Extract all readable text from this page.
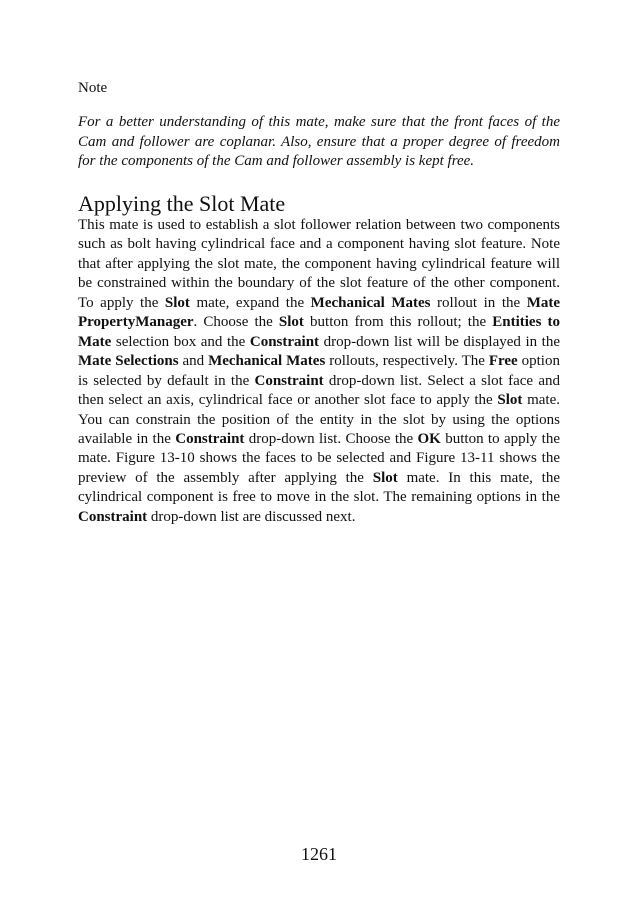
Note

For a better understanding of this mate, make sure that the front faces of the Cam and follower are coplanar. Also, ensure that a proper degree of freedom for the components of the Cam and follower assembly is kept free.

Applying the Slot Mate

This mate is used to establish a slot follower relation between two components such as bolt having cylindrical face and a component having slot feature. Note that after applying the slot mate, the component having cylindrical feature will be constrained within the boundary of the slot feature of the other component. To apply the Slot mate, expand the Mechanical Mates rollout in the Mate PropertyManager. Choose the Slot button from this rollout; the Entities to Mate selection box and the Constraint drop-down list will be displayed in the Mate Selections and Mechanical Mates rollouts, respectively. The Free option is selected by default in the Constraint drop-down list. Select a slot face and then select an axis, cylindrical face or another slot face to apply the Slot mate. You can constrain the position of the entity in the slot by using the options available in the Constraint drop-down list. Choose the OK button to apply the mate. Figure 13-10 shows the faces to be selected and Figure 13-11 shows the preview of the assembly after applying the Slot mate. In this mate, the cylindrical component is free to move in the slot. The remaining options in the Constraint drop-down list are discussed next.

1261
